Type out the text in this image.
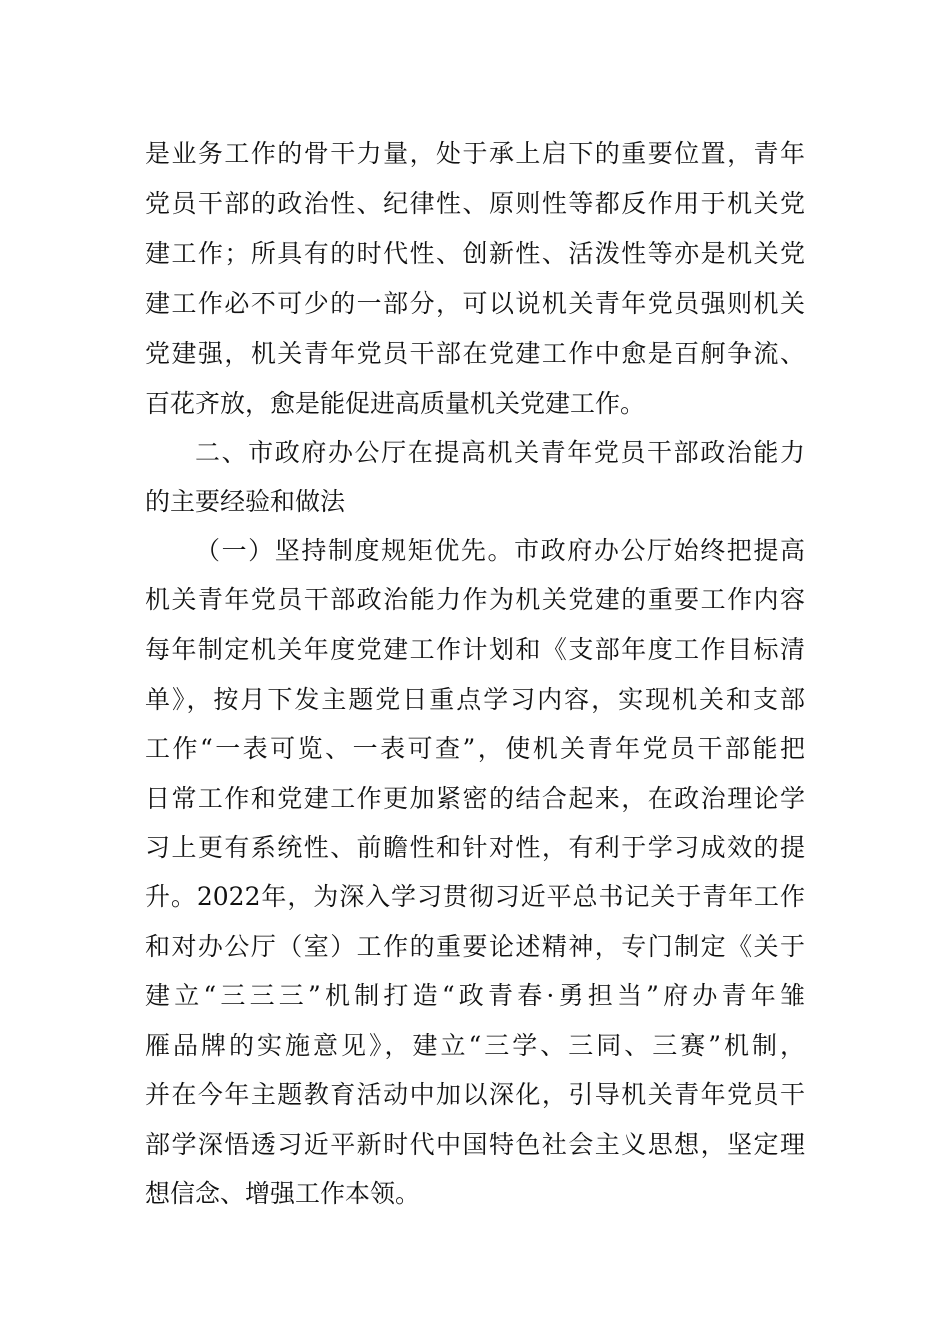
是业务工作的骨干力量，处于承上启下的重要位置，青年
党员干部的政治性、纪律性、原则性等都反作用于机关党
建工作；所具有的时代性、创新性、活泼性等亦是机关党
建工作必不可少的一部分，可以说机关青年党员强则机关
党建强，机关青年党员干部在党建工作中愈是百舸争流、
百花齐放，愈是能促进高质量机关党建工作。
二、市政府办公厅在提高机关青年党员干部政治能力
的主要经验和做法
（一）坚持制度规矩优先。市政府办公厅始终把提高
机关青年党员干部政治能力作为机关党建的重要工作内容
每年制定机关年度党建工作计划和《支部年度工作目标清
单》，按月下发主题党日重点学习内容，实现机关和支部
工作“一表可览、一表可查”，使机关青年党员干部能把
日常工作和党建工作更加紧密的结合起来，在政治理论学
习上更有系统性、前瞻性和针对性，有利于学习成效的提
升。2022年，为深入学习贯彻习近平总书记关于青年工作
和对办公厅（室）工作的重要论述精神，专门制定《关于
建立“三三三”机制打造“政青春·勇担当”府办青年雏
雁品牌的实施意见》，建立“三学、三同、三赛”机制，
并在今年主题教育活动中加以深化，引导机关青年党员干
部学深悟透习近平新时代中国特色社会主义思想，坚定理
想信念、增强工作本领。
